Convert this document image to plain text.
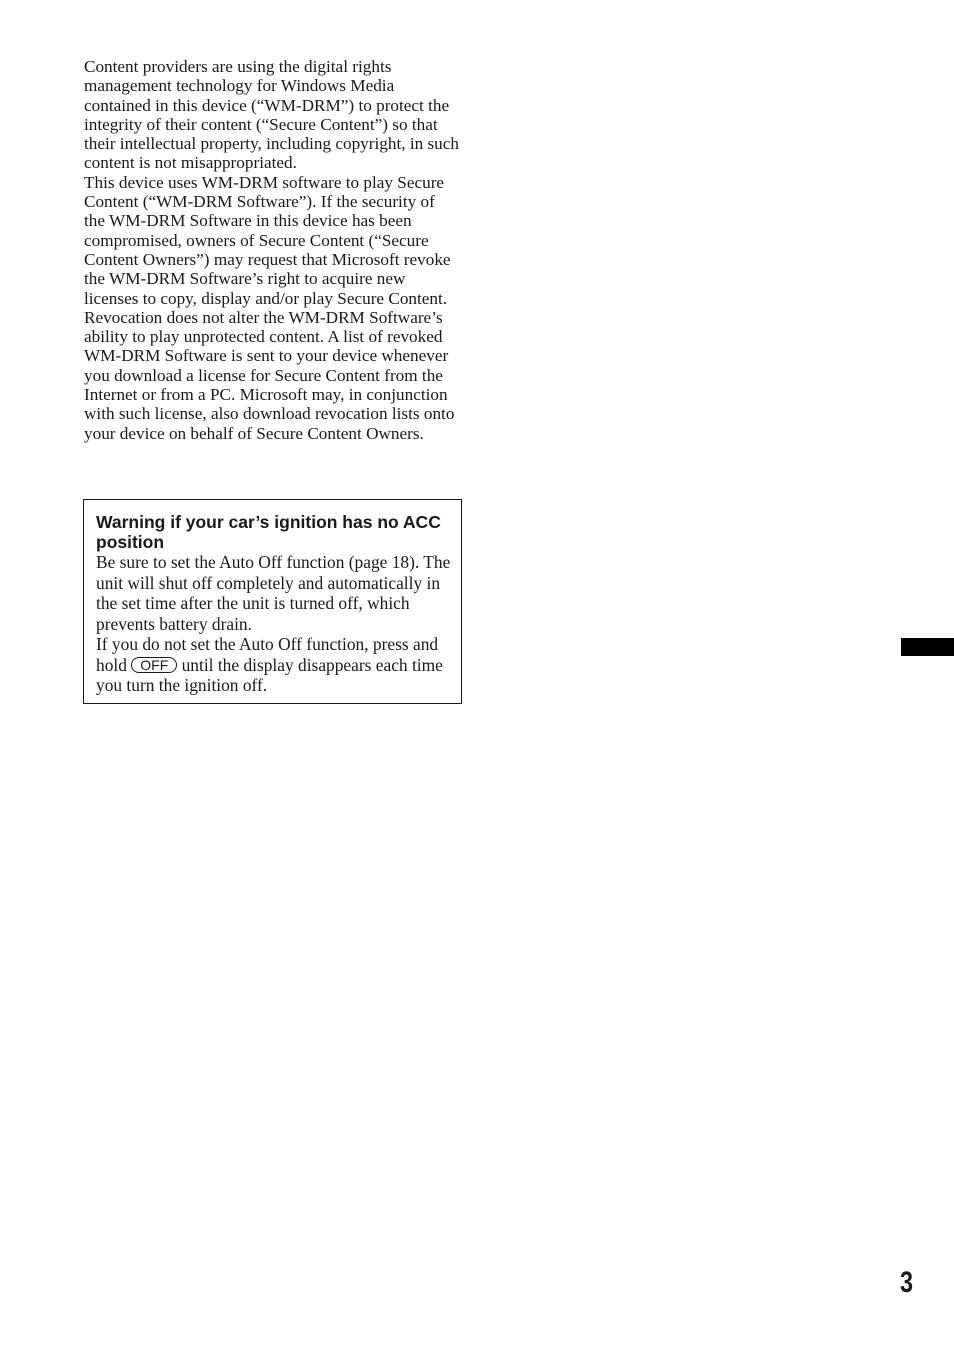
Content providers are using the digital rights management technology for Windows Media contained in this device (“WM-DRM”) to protect the integrity of their content (“Secure Content”) so that their intellectual property, including copyright, in such content is not misappropriated.

This device uses WM-DRM software to play Secure Content (“WM-DRM Software”). If the security of the WM-DRM Software in this device has been compromised, owners of Secure Content (“Secure Content Owners”) may request that Microsoft revoke the WM-DRM Software’s right to acquire new licenses to copy, display and/or play Secure Content. Revocation does not alter the WM-DRM Software’s ability to play unprotected content. A list of revoked WM-DRM Software is sent to your device whenever you download a license for Secure Content from the Internet or from a PC. Microsoft may, in conjunction with such license, also download revocation lists onto your device on behalf of Secure Content Owners.

Warning if your car’s ignition has no ACC position

Be sure to set the Auto Off function (page 18). The unit will shut off completely and automatically in the set time after the unit is turned off, which prevents battery drain.

If you do not set the Auto Off function, press and hold OFF until the display disappears each time you turn the ignition off.

3
